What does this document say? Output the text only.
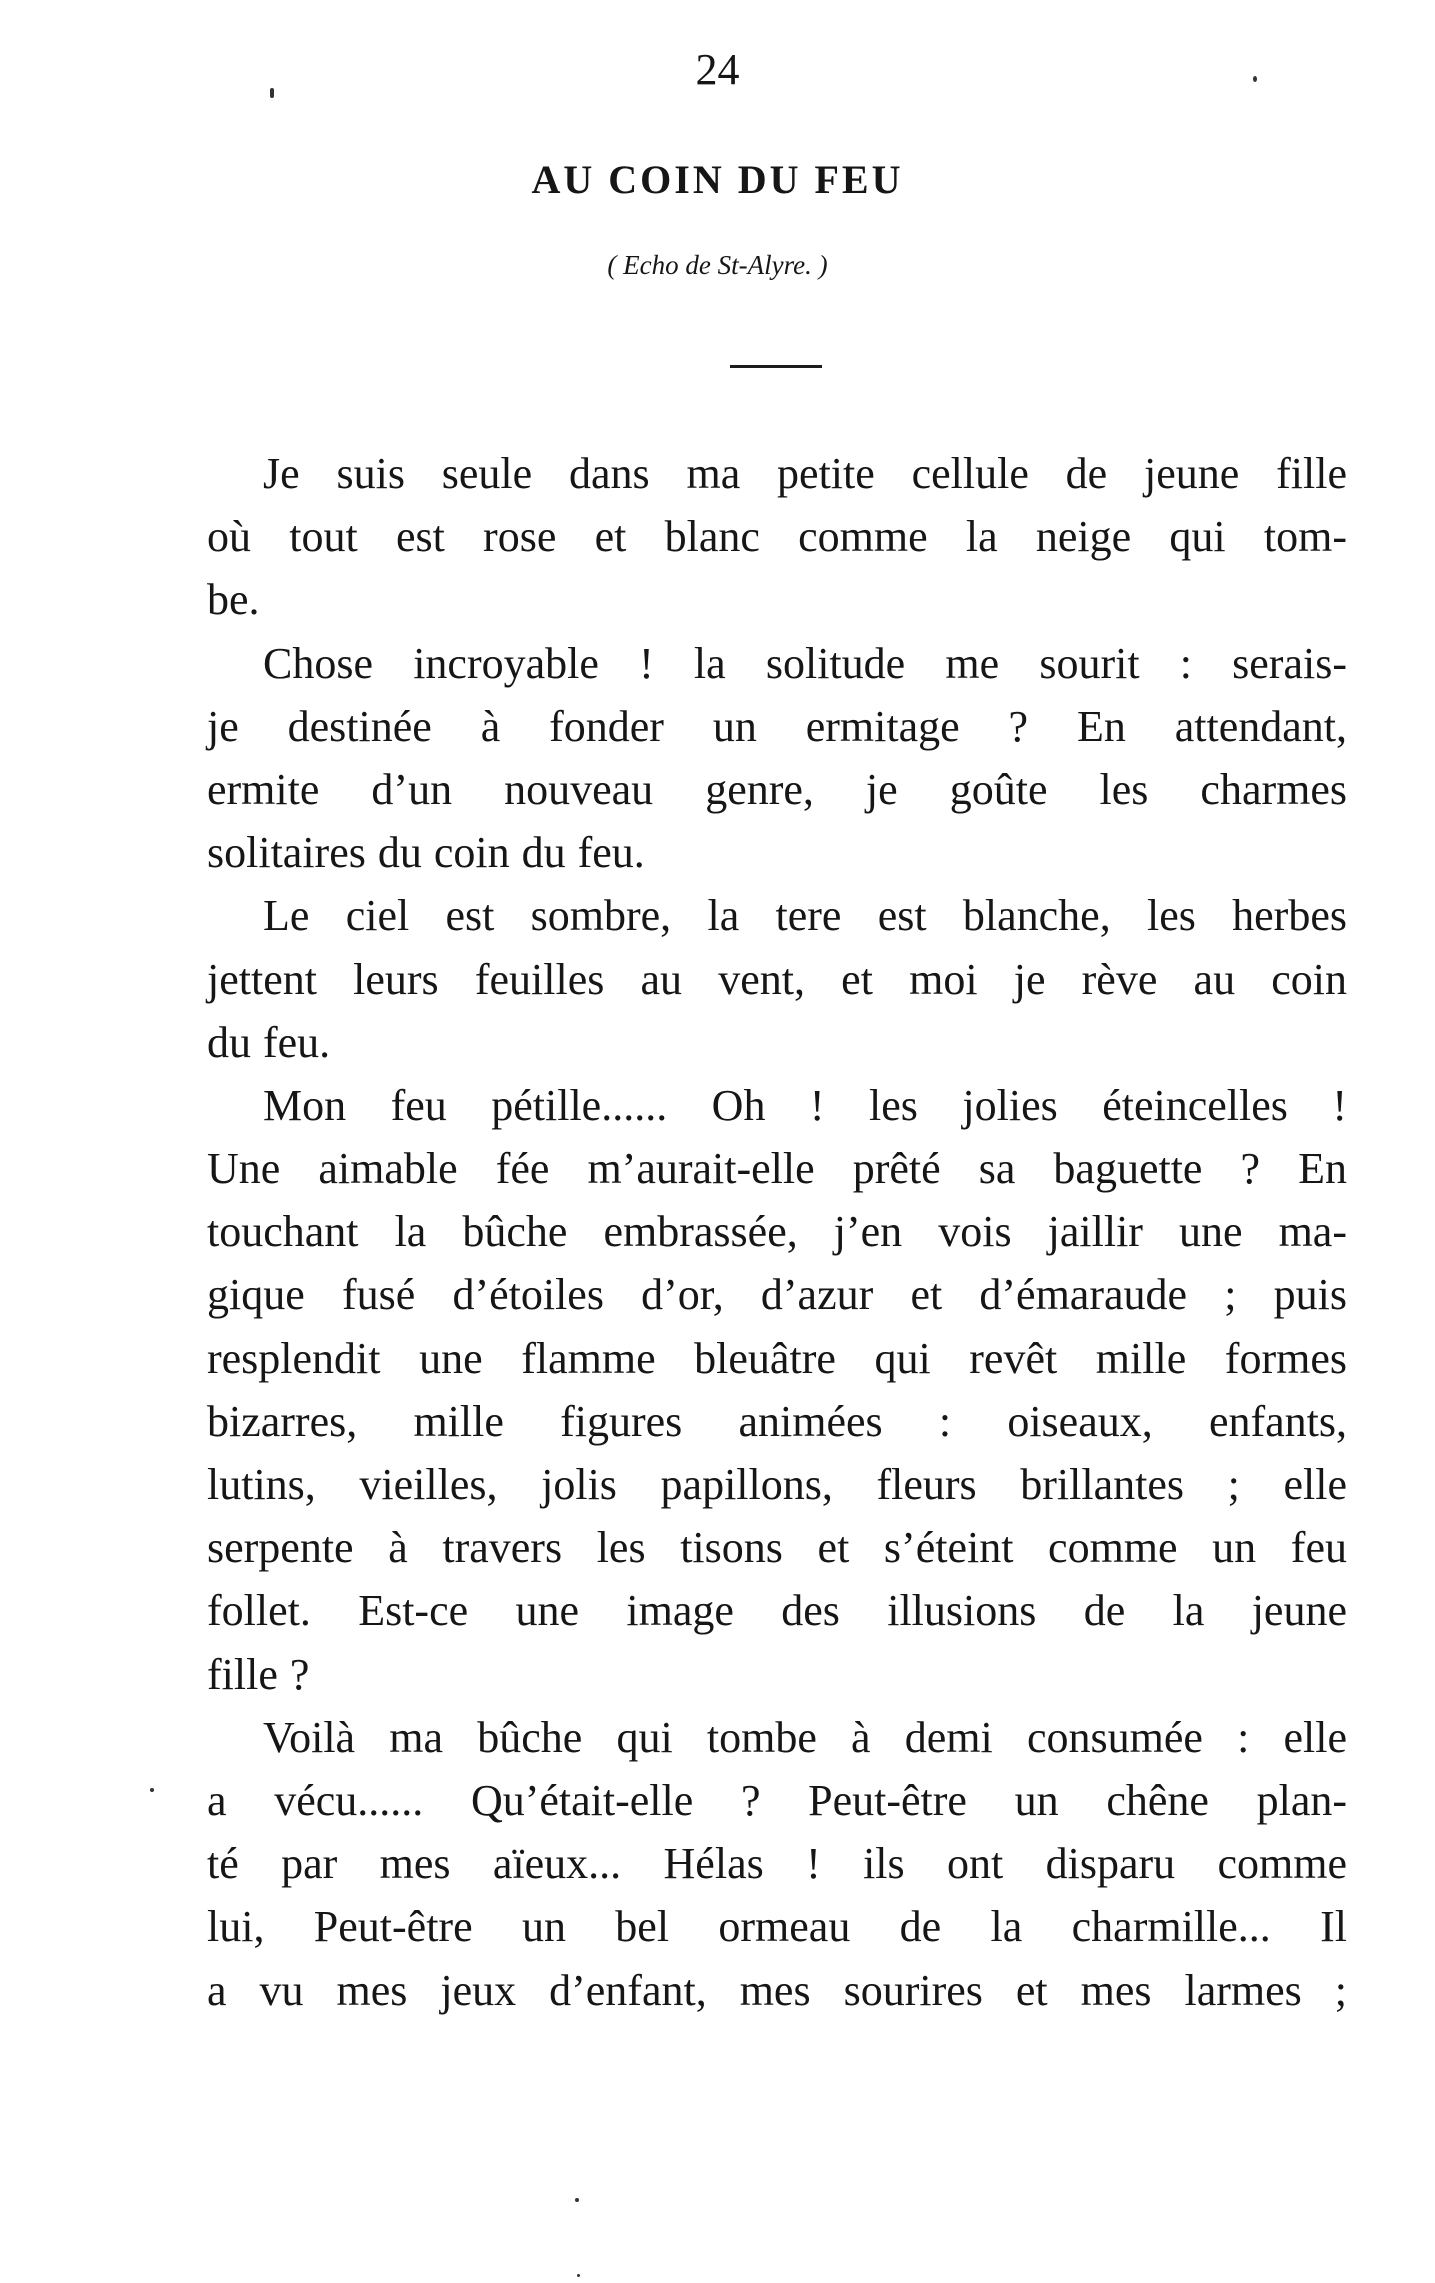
24
AU COIN DU FEU
( Echo de St-Alyre. )
Je suis seule dans ma petite cellule de jeune fille
où tout est rose et blanc comme la neige qui tom-
be.
Chose incroyable ! la solitude me sourit : serais-
je destinée à fonder un ermitage ? En attendant,
ermite d’un nouveau genre, je goûte les charmes
solitaires du coin du feu.
Le ciel est sombre, la tere est blanche, les herbes
jettent leurs feuilles au vent, et moi je rève au coin
du feu.
Mon feu pétille...... Oh ! les jolies éteincelles !
Une aimable fée m’aurait-elle prêté sa baguette ? En
touchant la bûche embrassée, j’en vois jaillir une ma-
gique fusé d’étoiles d’or, d’azur et d’émaraude ; puis
resplendit une flamme bleuâtre qui revêt mille formes
bizarres, mille figures animées : oiseaux, enfants,
lutins, vieilles, jolis papillons, fleurs brillantes ; elle
serpente à travers les tisons et s’éteint comme un feu
follet. Est-ce une image des illusions de la jeune
fille ?
Voilà ma bûche qui tombe à demi consumée : elle
a vécu...... Qu’était-elle ? Peut-être un chêne plan-
té par mes aïeux... Hélas ! ils ont disparu comme
lui, Peut-être un bel ormeau de la charmille... Il
a vu mes jeux d’enfant, mes sourires et mes larmes ;
